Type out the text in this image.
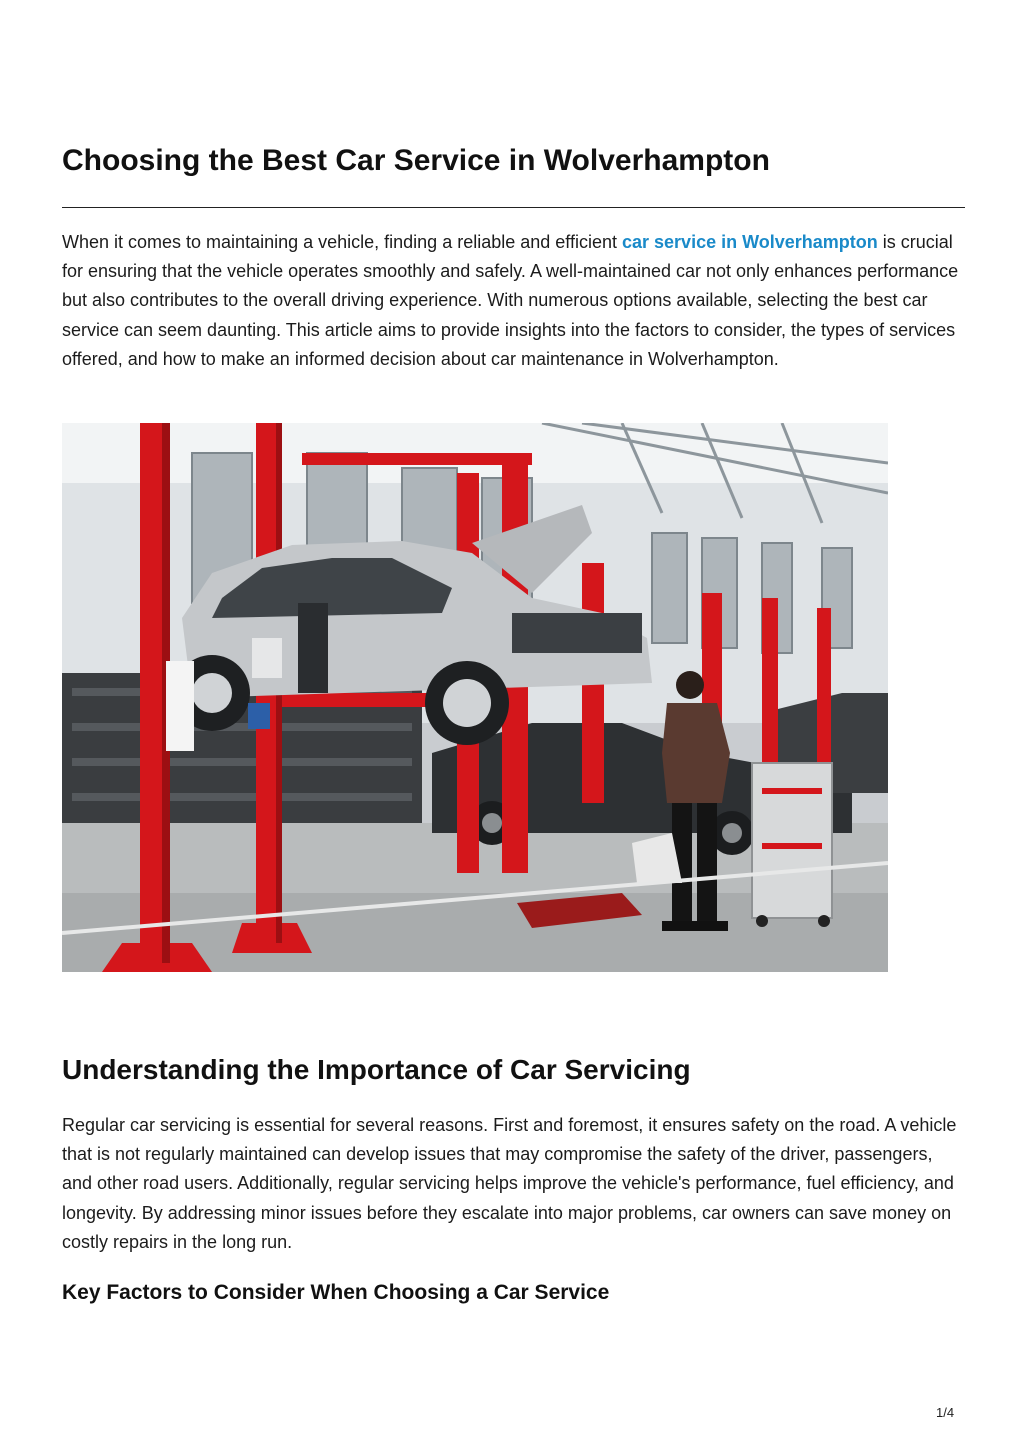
Choosing the Best Car Service in Wolverhampton

When it comes to maintaining a vehicle, finding a reliable and efficient car service in Wolverhampton is crucial for ensuring that the vehicle operates smoothly and safely. A well-maintained car not only enhances performance but also contributes to the overall driving experience. With numerous options available, selecting the best car service can seem daunting. This article aims to provide insights into the factors to consider, the types of services offered, and how to make an informed decision about car maintenance in Wolverhampton.

Understanding the Importance of Car Servicing

Regular car servicing is essential for several reasons. First and foremost, it ensures safety on the road. A vehicle that is not regularly maintained can develop issues that may compromise the safety of the driver, passengers, and other road users. Additionally, regular servicing helps improve the vehicle's performance, fuel efficiency, and longevity. By addressing minor issues before they escalate into major problems, car owners can save money on costly repairs in the long run.

Key Factors to Consider When Choosing a Car Service
1/4
